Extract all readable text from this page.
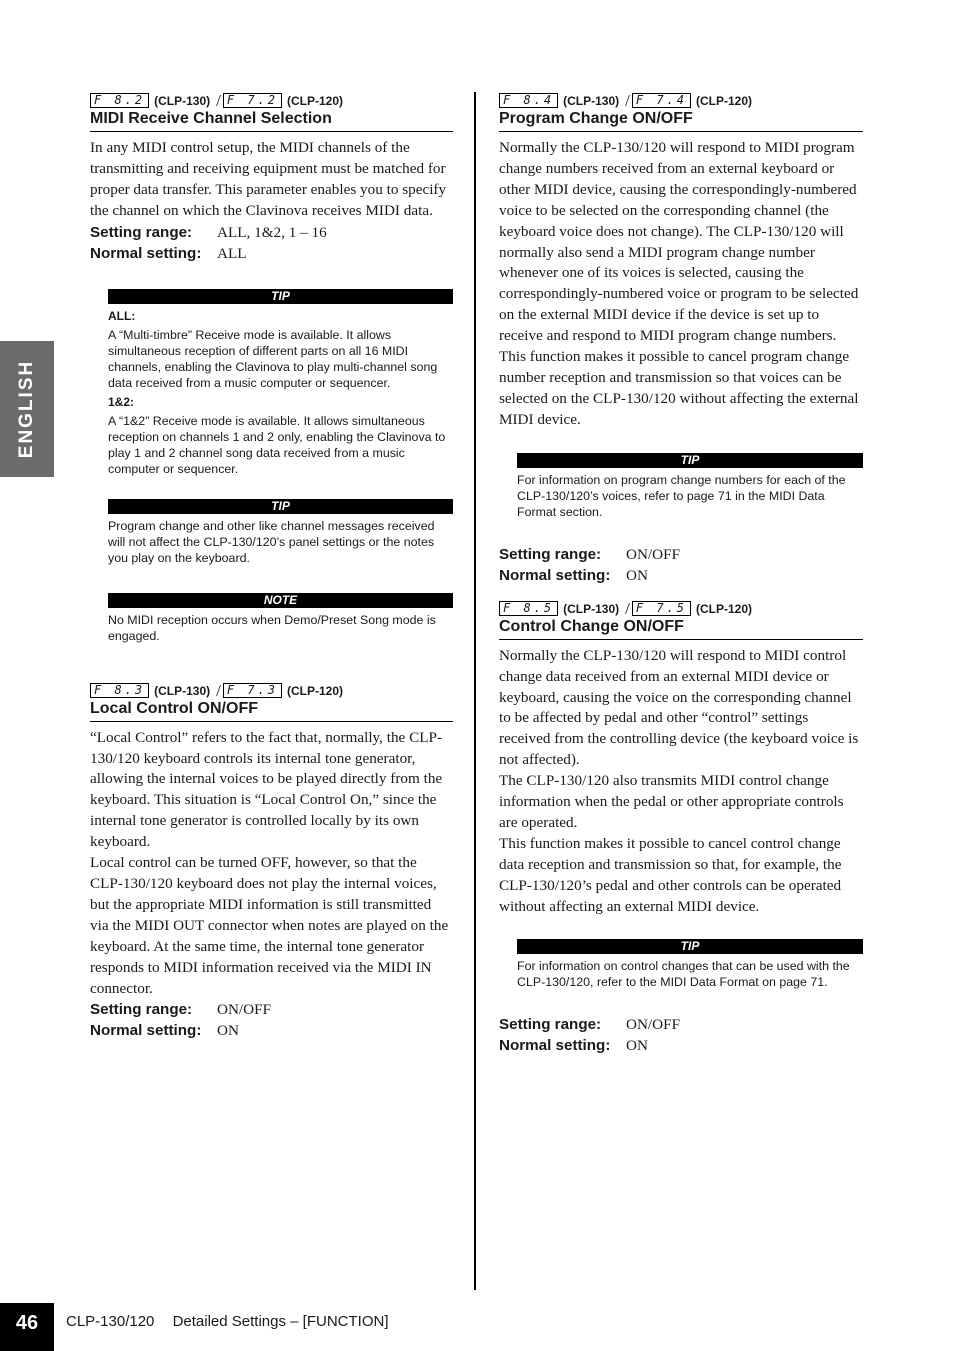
ENGLISH
F 8.2 (CLP-130) / F 7.2 (CLP-120)
MIDI Receive Channel Selection

In any MIDI control setup, the MIDI channels of the transmitting and receiving equipment must be matched for proper data transfer. This parameter enables you to specify the channel on which the Clavinova receives MIDI data.

Setting range:	ALL, 1&2, 1 – 16
Normal setting:	ALL
TIP
ALL:

A “Multi-timbre” Receive mode is available. It allows simultaneous reception of different parts on all 16 MIDI channels, enabling the Clavinova to play multi-channel song data received from a music computer or sequencer.

1&2:

A “1&2” Receive mode is available. It allows simultaneous reception on channels 1 and 2 only, enabling the Clavinova to play 1 and 2 channel song data received from a music computer or sequencer.

TIP

Program change and other like channel messages received will not affect the CLP-130/120’s panel settings or the notes you play on the keyboard.

NOTE

No MIDI reception occurs when Demo/Preset Song mode is engaged.

F 8.3 (CLP-130) / F 7.3 (CLP-120)
Local Control ON/OFF

“Local Control” refers to the fact that, normally, the CLP-130/120 keyboard controls its internal tone generator, allowing the internal voices to be played directly from the keyboard. This situation is “Local Control On,” since the internal tone generator is controlled locally by its own keyboard.

Local control can be turned OFF, however, so that the CLP-130/120 keyboard does not play the internal voices, but the appropriate MIDI information is still transmitted via the MIDI OUT connector when notes are played on the keyboard. At the same time, the internal tone generator responds to MIDI information received via the MIDI IN connector.

Setting range:	ON/OFF
Normal setting:	ON
F 8.4 (CLP-130) / F 7.4 (CLP-120)
Program Change ON/OFF

Normally the CLP-130/120 will respond to MIDI program change numbers received from an external keyboard or other MIDI device, causing the correspondingly-numbered voice to be selected on the corresponding channel (the keyboard voice does not change). The CLP-130/120 will normally also send a MIDI program change number whenever one of its voices is selected, causing the correspondingly-numbered voice or program to be selected on the external MIDI device if the device is set up to receive and respond to MIDI program change numbers.

This function makes it possible to cancel program change number reception and transmission so that voices can be selected on the CLP-130/120 without affecting the external MIDI device.

TIP

For information on program change numbers for each of the CLP-130/120’s voices, refer to page 71 in the MIDI Data Format section.

Setting range:	ON/OFF
Normal setting:	ON
F 8.5 (CLP-130) / F 7.5 (CLP-120)
Control Change ON/OFF

Normally the CLP-130/120 will respond to MIDI control change data received from an external MIDI device or keyboard, causing the voice on the corresponding channel to be affected by pedal and other “control” settings received from the controlling device (the keyboard voice is not affected).

The CLP-130/120 also transmits MIDI control change information when the pedal or other appropriate controls are operated.

This function makes it possible to cancel control change data reception and transmission so that, for example, the CLP-130/120’s pedal and other controls can be operated without affecting an external MIDI device.

TIP

For information on control changes that can be used with the CLP-130/120, refer to the MIDI Data Format on page 71.

Setting range:	ON/OFF
Normal setting:	ON
46	CLP-130/120 Detailed Settings – [FUNCTION]
